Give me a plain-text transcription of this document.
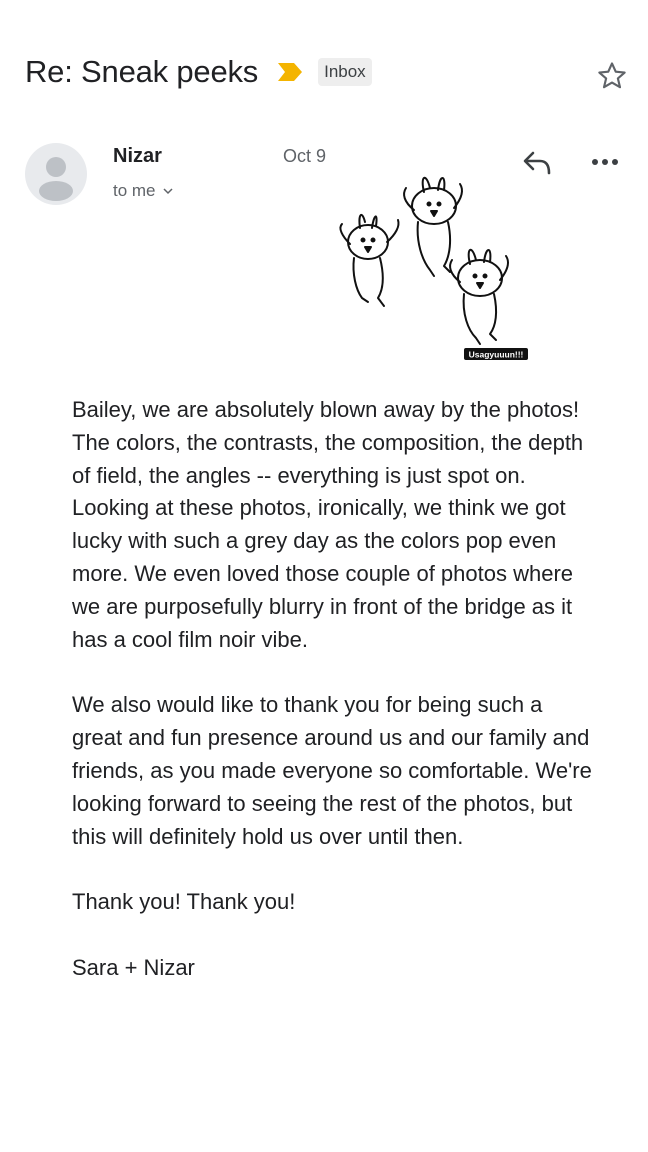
Re: Sneak peeks	Inbox
Nizar	Oct 9
to me
Usagyuuun!!!

Bailey, we are absolutely blown away by the photos! The colors, the contrasts, the composition, the depth of field, the angles -- everything is just spot on. Looking at these photos, ironically, we think we got lucky with such a grey day as the colors pop even more. We even loved those couple of photos where we are purposefully blurry in front of the bridge as it has a cool film noir vibe.

We also would like to thank you for being such a great and fun presence around us and our family and friends, as you made everyone so comfortable. We're looking forward to seeing the rest of the photos, but this will definitely hold us over until then.

Thank you! Thank you!

Sara + Nizar
